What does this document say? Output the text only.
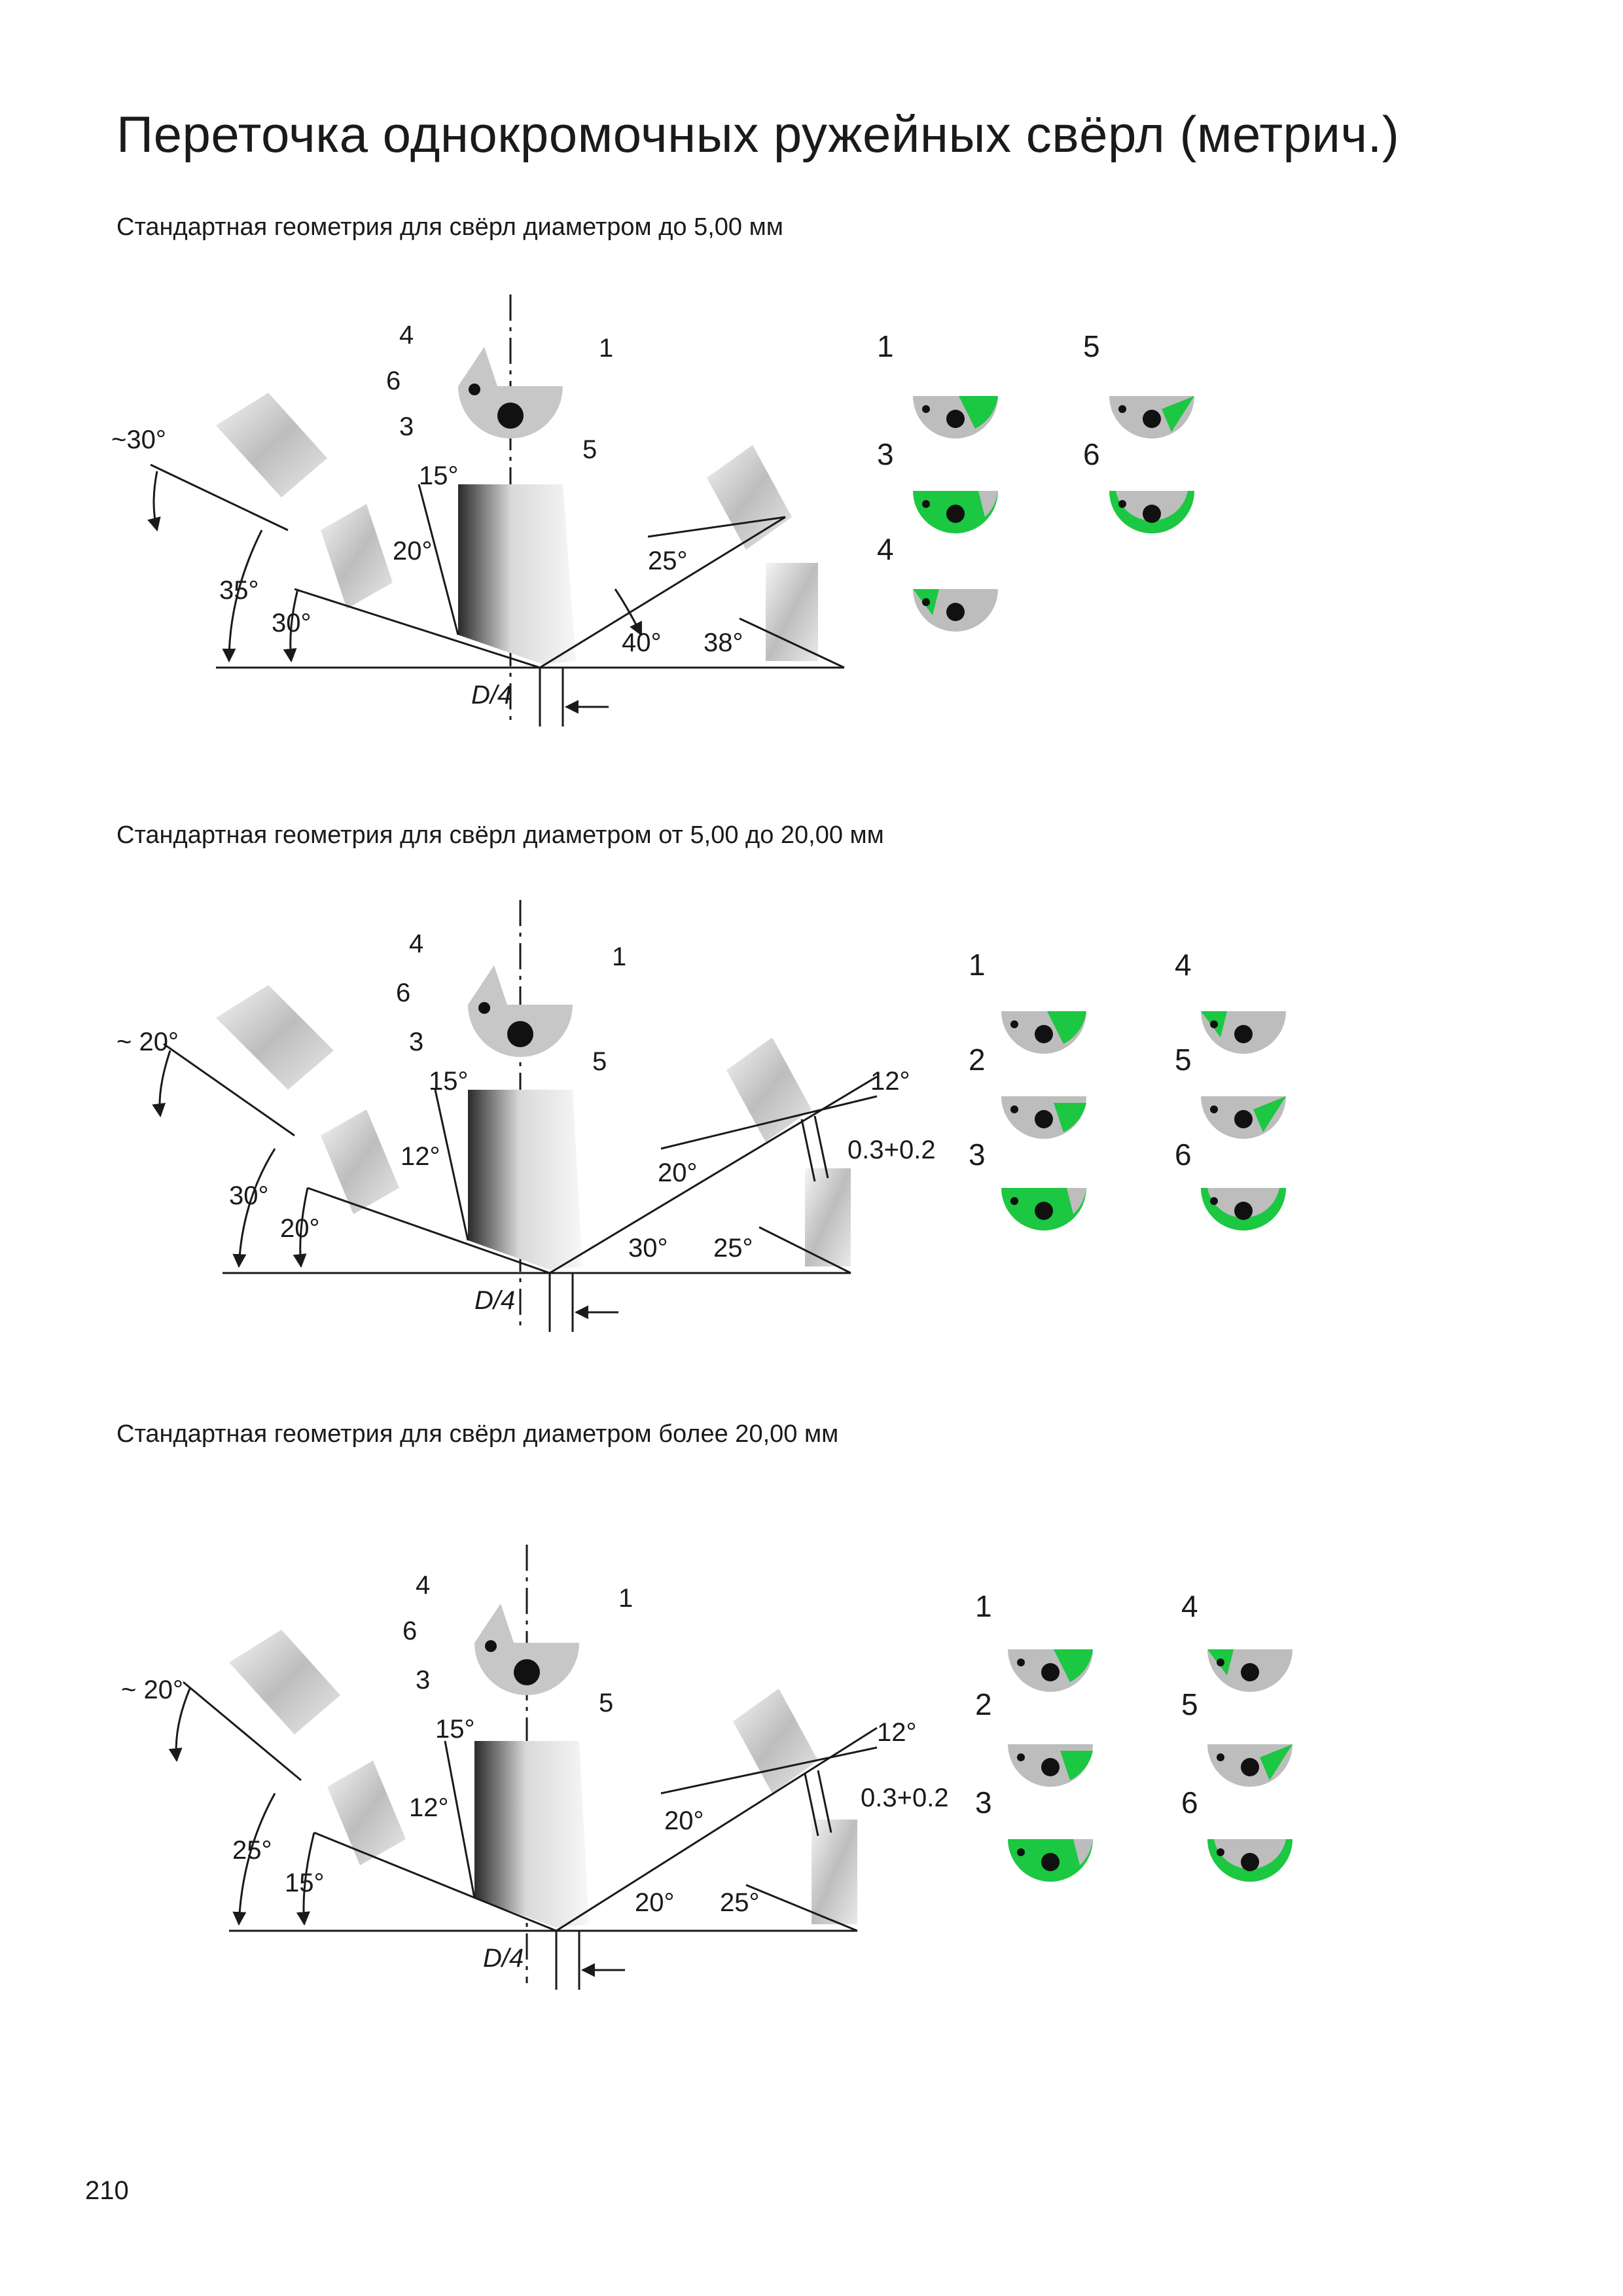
Переточка однокромочных ружейных свёрл (метрич.)
Стандартная геометрия для свёрл диаметром до 5,00 мм
Стандартная геометрия для свёрл диаметром от 5,00 до 20,00 мм
Стандартная геометрия для свёрл диаметром более 20,00 мм
4
6
3
1
5
~30°
35°
30°
15°
20°	25°
40° 38°
D/4
1
3
4
5
6
4
6
3
1
5
~ 20°
30°
20°
15°
12°
20°
12°
30° 25°
0.3+0.2
D/4
1
2
3
4
5
6
4
6
3
1
5
~ 20°
25°
15°
15°
12°	20°
12°
20° 25°
0.3+0.2
D/4
1
2
3
4
5
6
210
